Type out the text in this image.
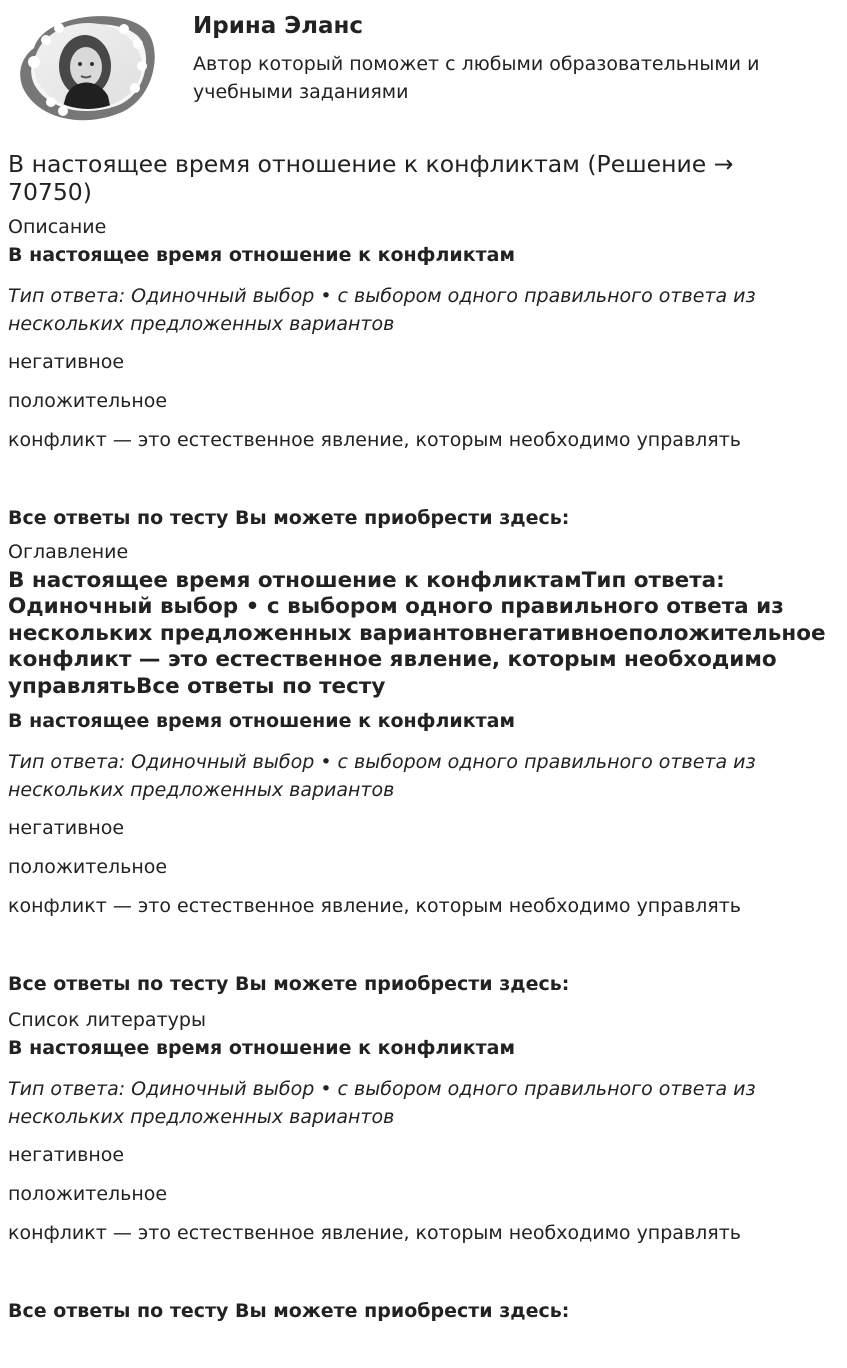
Ирина Эланс

Автор который поможет с любыми образовательными и учебными заданиями

В настоящее время отношение к конфликтам (Решение → 70750)

Описание

В настоящее время отношение к конфликтам

Тип ответа: Одиночный выбор • с выбором одного правильного ответа из нескольких предложенных вариантов

негативное

положительное

конфликт — это естественное явление, которым необходимо управлять

Все ответы по тесту Вы можете приобрести здесь:

Оглавление

В настоящее время отношение к конфликтамТип ответа: Одиночный выбор • с выбором одного правильного ответа из нескольких предложенных вариантовнегативноеположительное конфликт — это естественное явление, которым необходимо управлятьВсе ответы по тесту

В настоящее время отношение к конфликтам

Тип ответа: Одиночный выбор • с выбором одного правильного ответа из нескольких предложенных вариантов

негативное

положительное

конфликт — это естественное явление, которым необходимо управлять

Все ответы по тесту Вы можете приобрести здесь:

Список литературы

В настоящее время отношение к конфликтам

Тип ответа: Одиночный выбор • с выбором одного правильного ответа из нескольких предложенных вариантов

негативное

положительное

конфликт — это естественное явление, которым необходимо управлять

Все ответы по тесту Вы можете приобрести здесь:
